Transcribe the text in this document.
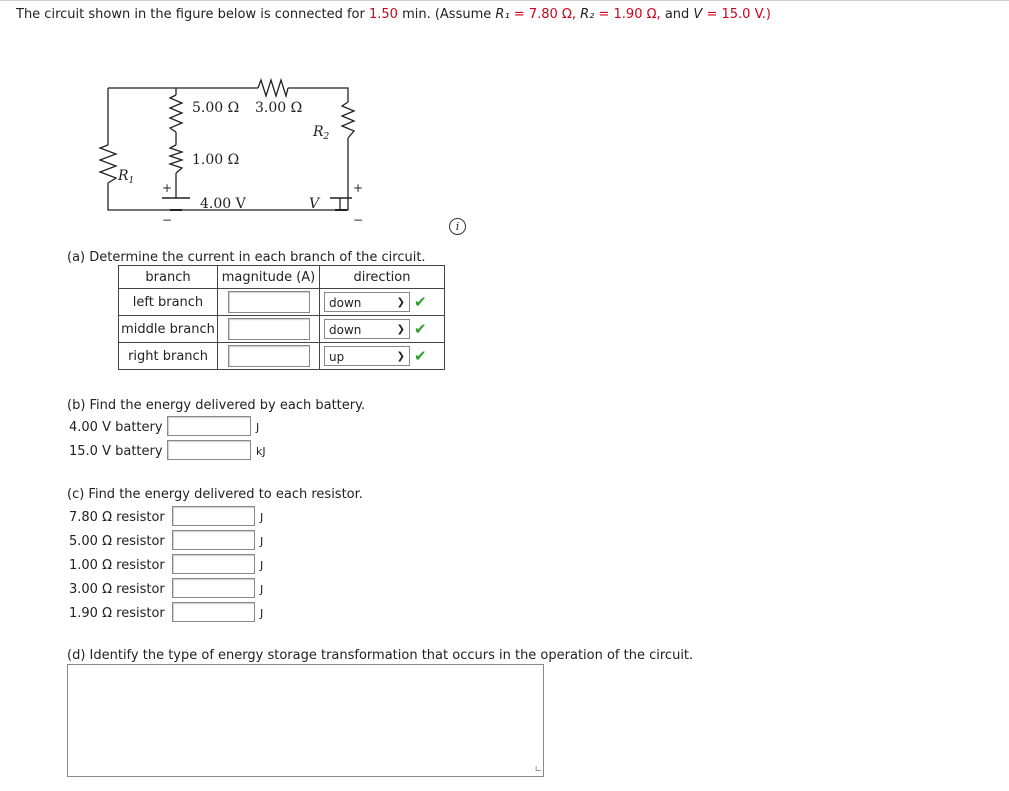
The circuit shown in the figure below is connected for 1.50 min. (Assume R₁ = 7.80 Ω, R₂ = 1.90 Ω, and V = 15.0 V.)
5.00 Ω 3.00 Ω
1.00 Ω
4.00 V
$R_1$
$R_2$
V
+
−
+
−	i
(a) Determine the current in each branch of the circuit.
branch	magnitude (A)	direction
left branch		down ❯ ✔
middle branch		down ❯ ✔
right branch		up ❯ ✔
(b) Find the energy delivered by each battery.
4.00 V battery	J
15.0 V battery	kJ
(c) Find the energy delivered to each resistor.
7.80 Ω resistor	J
5.00 Ω resistor	J
1.00 Ω resistor	J
3.00 Ω resistor	J
1.90 Ω resistor	J
(d) Identify the type of energy storage transformation that occurs in the operation of the circuit.
∟
